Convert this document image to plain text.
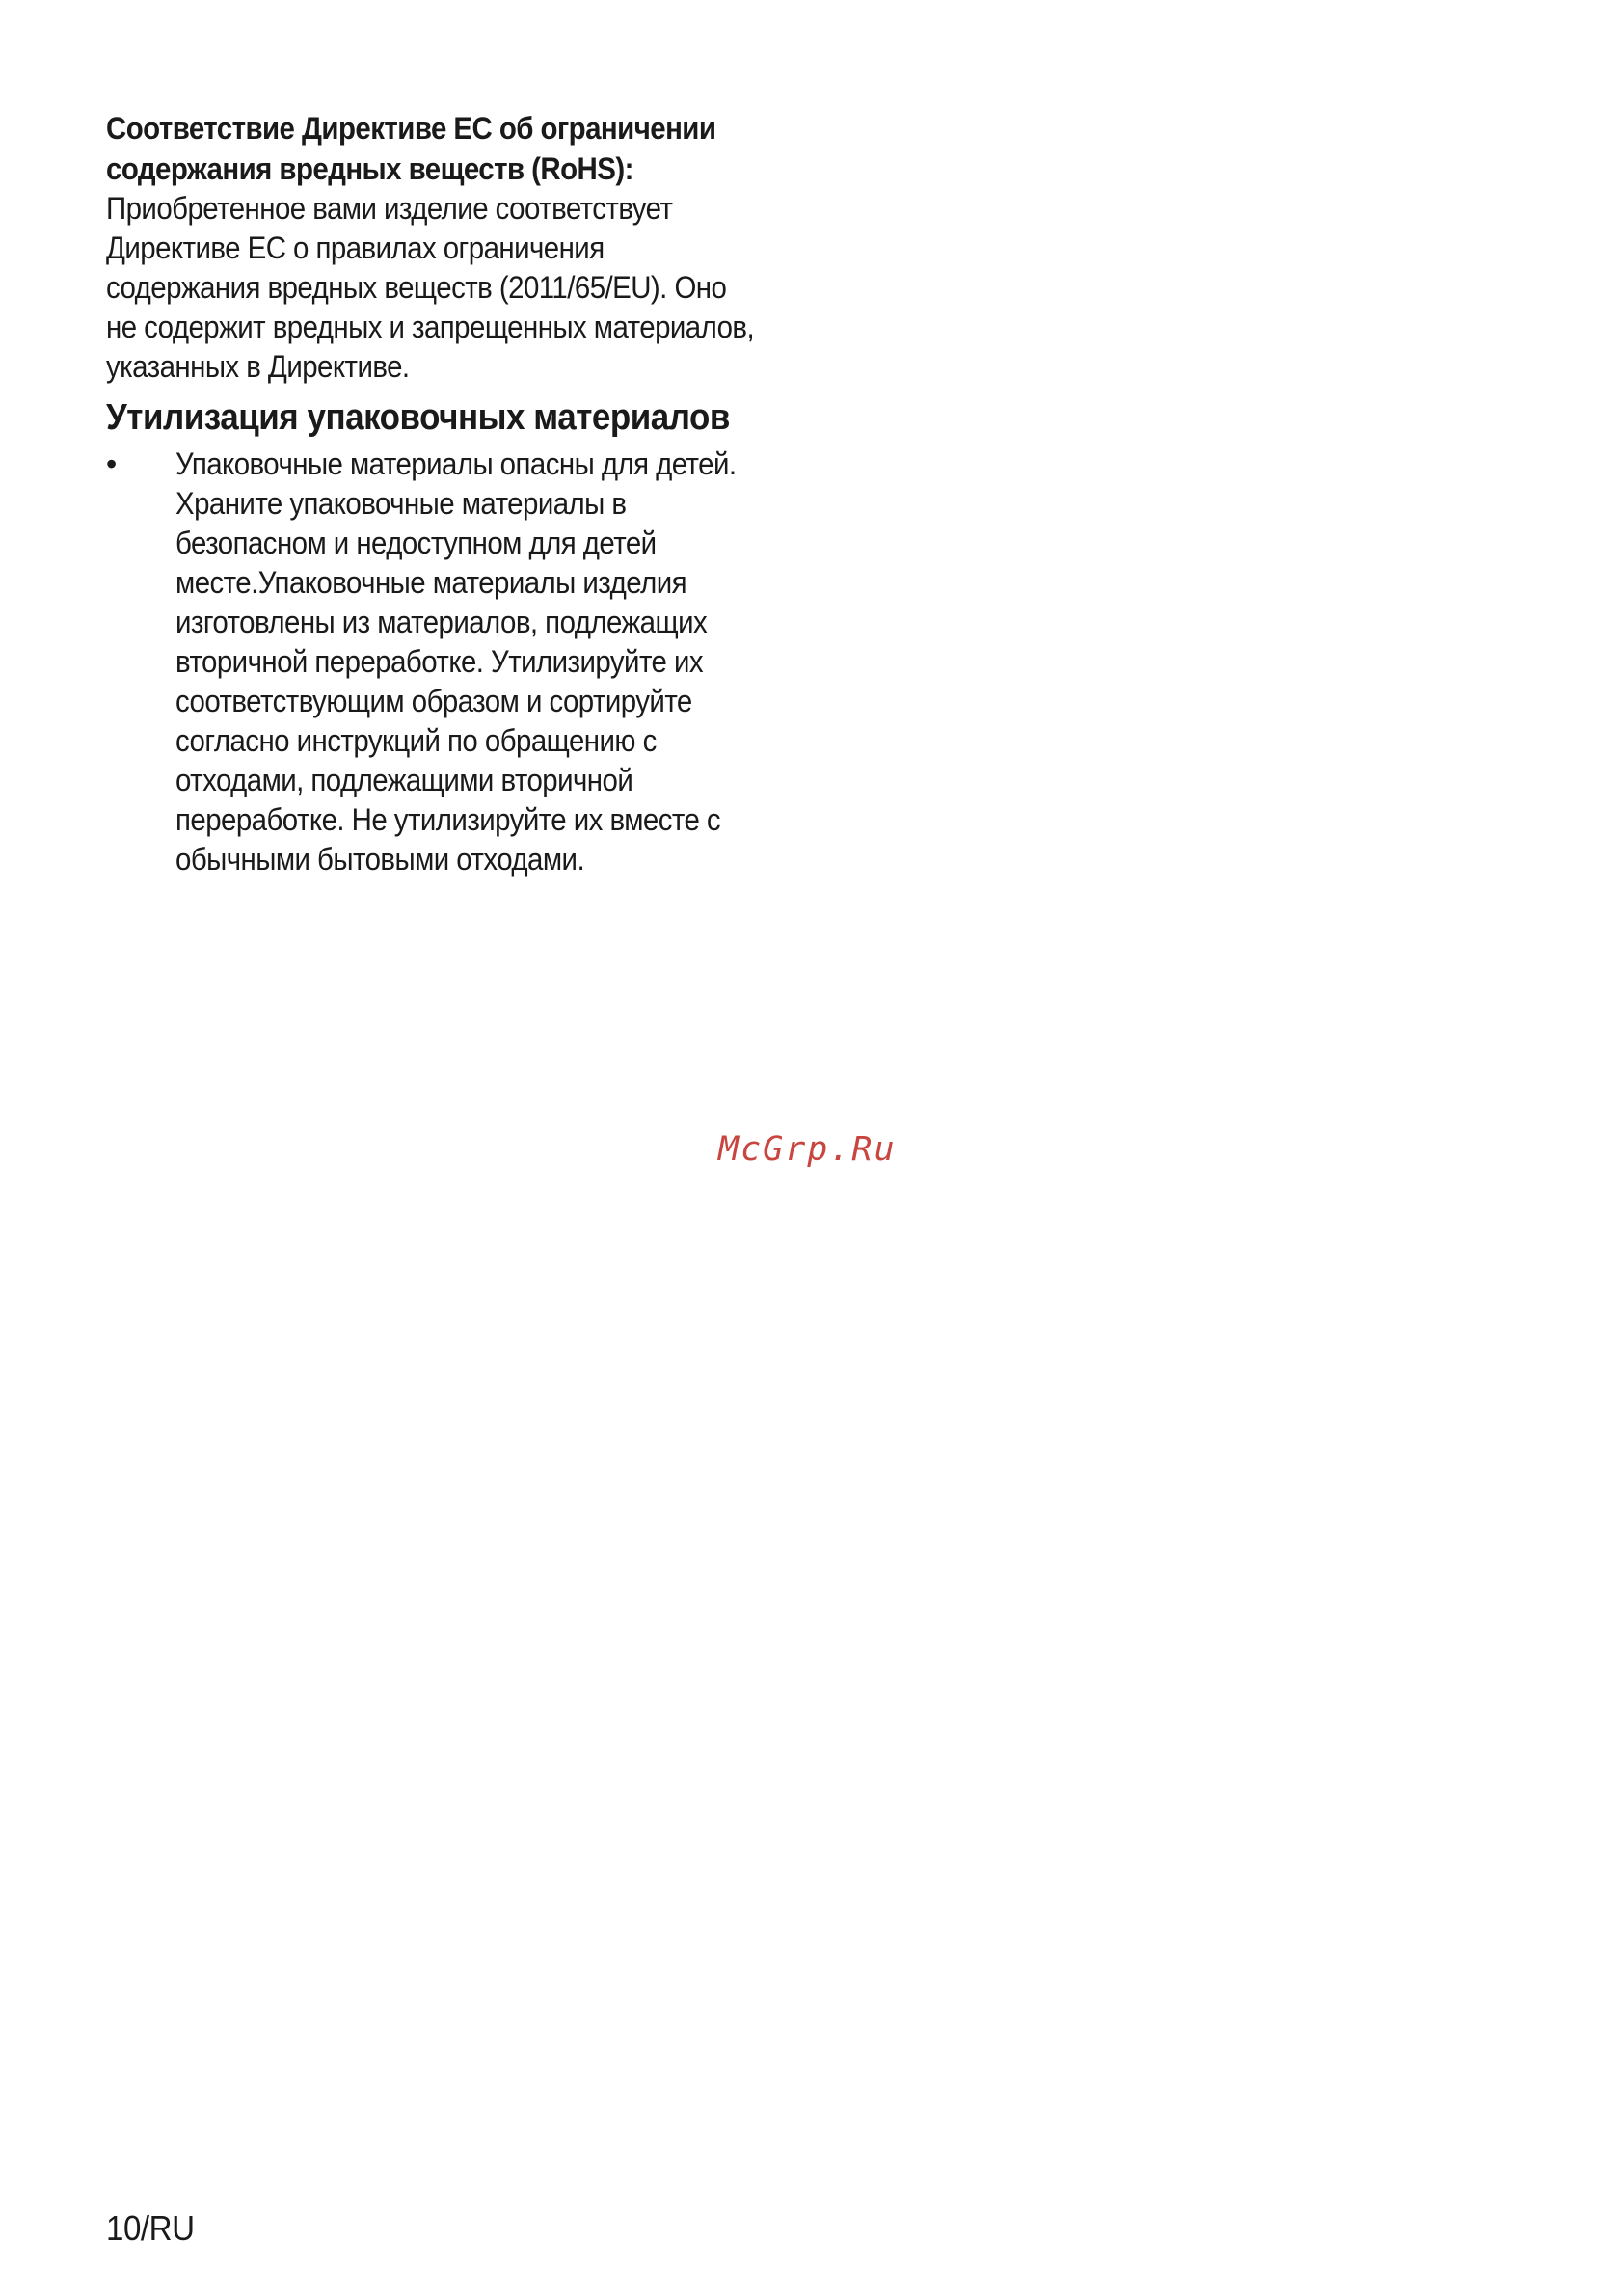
Соответствие Директиве ЕС об ограничении
содержания вредных веществ (RoHS):

Приобретенное вами изделие соответствует
Директиве ЕС о правилах ограничения
содержания вредных веществ (2011/65/EU). Оно
не содержит вредных и запрещенных материалов,
указанных в Директиве.

Утилизация упаковочных материалов
• Упаковочные материалы опасны для детей.
Храните упаковочные материалы в
безопасном и недоступном для детей
месте.Упаковочные материалы изделия
изготовлены из материалов, подлежащих
вторичной переработке. Утилизируйте их
соответствующим образом и сортируйте
согласно инструкций по обращению с
отходами, подлежащими вторичной
переработке. Не утилизируйте их вместе с
обычными бытовыми отходами.
McGrp.Ru
10/RU
